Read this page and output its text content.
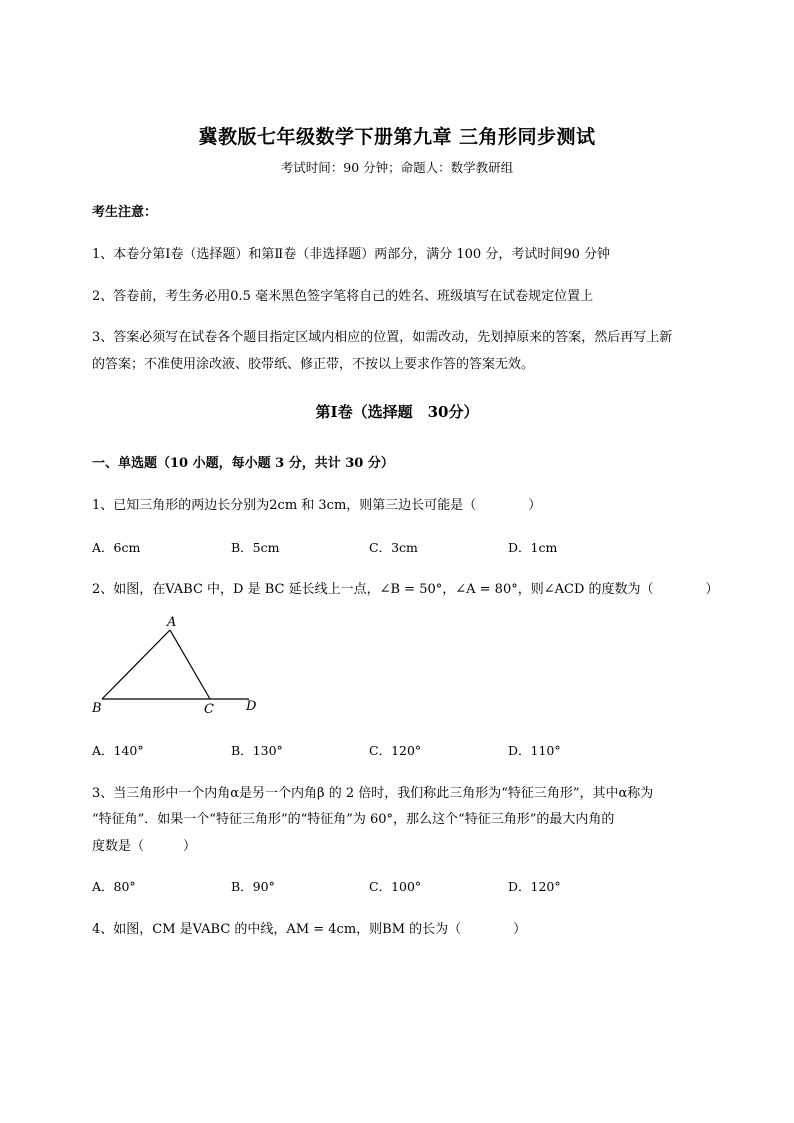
冀教版七年级数学下册第九章 三角形同步测试
考试时间：90 分钟；命题人：数学教研组
考生注意：
1、本卷分第Ⅰ卷（选择题）和第Ⅱ卷（非选择题）两部分，满分 100 分，考试时间90 分钟
2、答卷前，考生务必用0.5 毫米黑色签字笔将自己的姓名、班级填写在试卷规定位置上
3、答案必须写在试卷各个题目指定区域内相应的位置，如需改动，先划掉原来的答案，然后再写上新
的答案；不准使用涂改液、胶带纸、修正带，不按以上要求作答的答案无效。
第Ⅰ卷（选择题　30分）
一、单选题（10 小题，每小题 3 分，共计 30 分）
1、已知三角形的两边长分别为2cm 和 3cm，则第三边长可能是（　　　　）
A．6cm	B．5cm	C．3cm	D．1cm
2、如图，在VABC 中，D 是 BC 延长线上一点，∠B = 50°，∠A = 80°，则∠ACD 的度数为（　　　　）
A
B	C D
A．140°	B．130°	C．120°	D．110°
3、当三角形中一个内角α是另一个内角β 的 2 倍时，我们称此三角形为“特征三角形”，其中α称为
“特征角”．如果一个“特征三角形”的“特征角”为 60°，那么这个“特征三角形”的最大内角的
度数是（　　　）
A．80°	B．90°	C．100°	D．120°
4、如图，CM 是VABC 的中线，AM = 4cm，则BM 的长为（　　　　）
